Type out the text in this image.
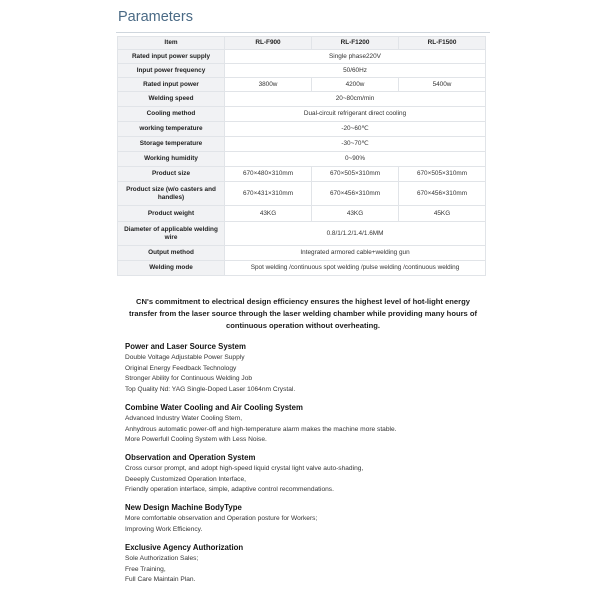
Parameters
Item	RL-F900	RL-F1200	RL-F1500
Rated input power supply	Single phase220V		
Input power frequency	50/60Hz		
Rated input power	3800w	4200w	5400w
Welding speed	20~80cm/min		
Cooling method	Dual-circuit refrigerant direct cooling		
working temperature	-20~60℃		
Storage temperature	-30~70℃		
Working humidity	0~90%		
Product size	670×480×310mm	670×505×310mm	670×505×310mm
Product size (w/o casters and handles)	670×431×310mm	670×456×310mm	670×456×310mm
Product weight	43KG	43KG	45KG
Diameter of applicable welding wire	0.8/1/1.2/1.4/1.6MM		
Output method	Integrated armored cable+welding gun		
Welding mode	Spot welding /continuous spot welding /pulse welding /continuous welding		
CN's commitment to electrical design efficiency ensures the highest level of hot-light energy transfer from the laser source through the laser welding chamber while providing many hours of continuous operation without overheating.
Power and Laser Source System

Double Voltage Adjustable Power Supply

Original Energy Feedback Technology

Stronger Ability for Continuous Welding Job

Top Quality Nd: YAG Single-Doped Laser 1064nm Crystal.

Combine Water Cooling and Air Cooling System

Advanced Industry Water Cooling Stem,

Anhydrous automatic power-off and high-temperature alarm makes the machine more stable.

More Powerfull Cooling System with Less Noise.

Observation and Operation System

Cross cursor prompt, and adopt high-speed liquid crystal light valve auto-shading,

Deeeply Customized Operation Interface,

Friendly operation interface, simple, adaptive control recommendations.

New Design Machine BodyType

More comfortable observation and Operation posture for Workers;

Improving Work Efficiency.

Exclusive Agency Authorization

Sole Authorization Sales;

Free Training,

Full Care Maintain Plan.
